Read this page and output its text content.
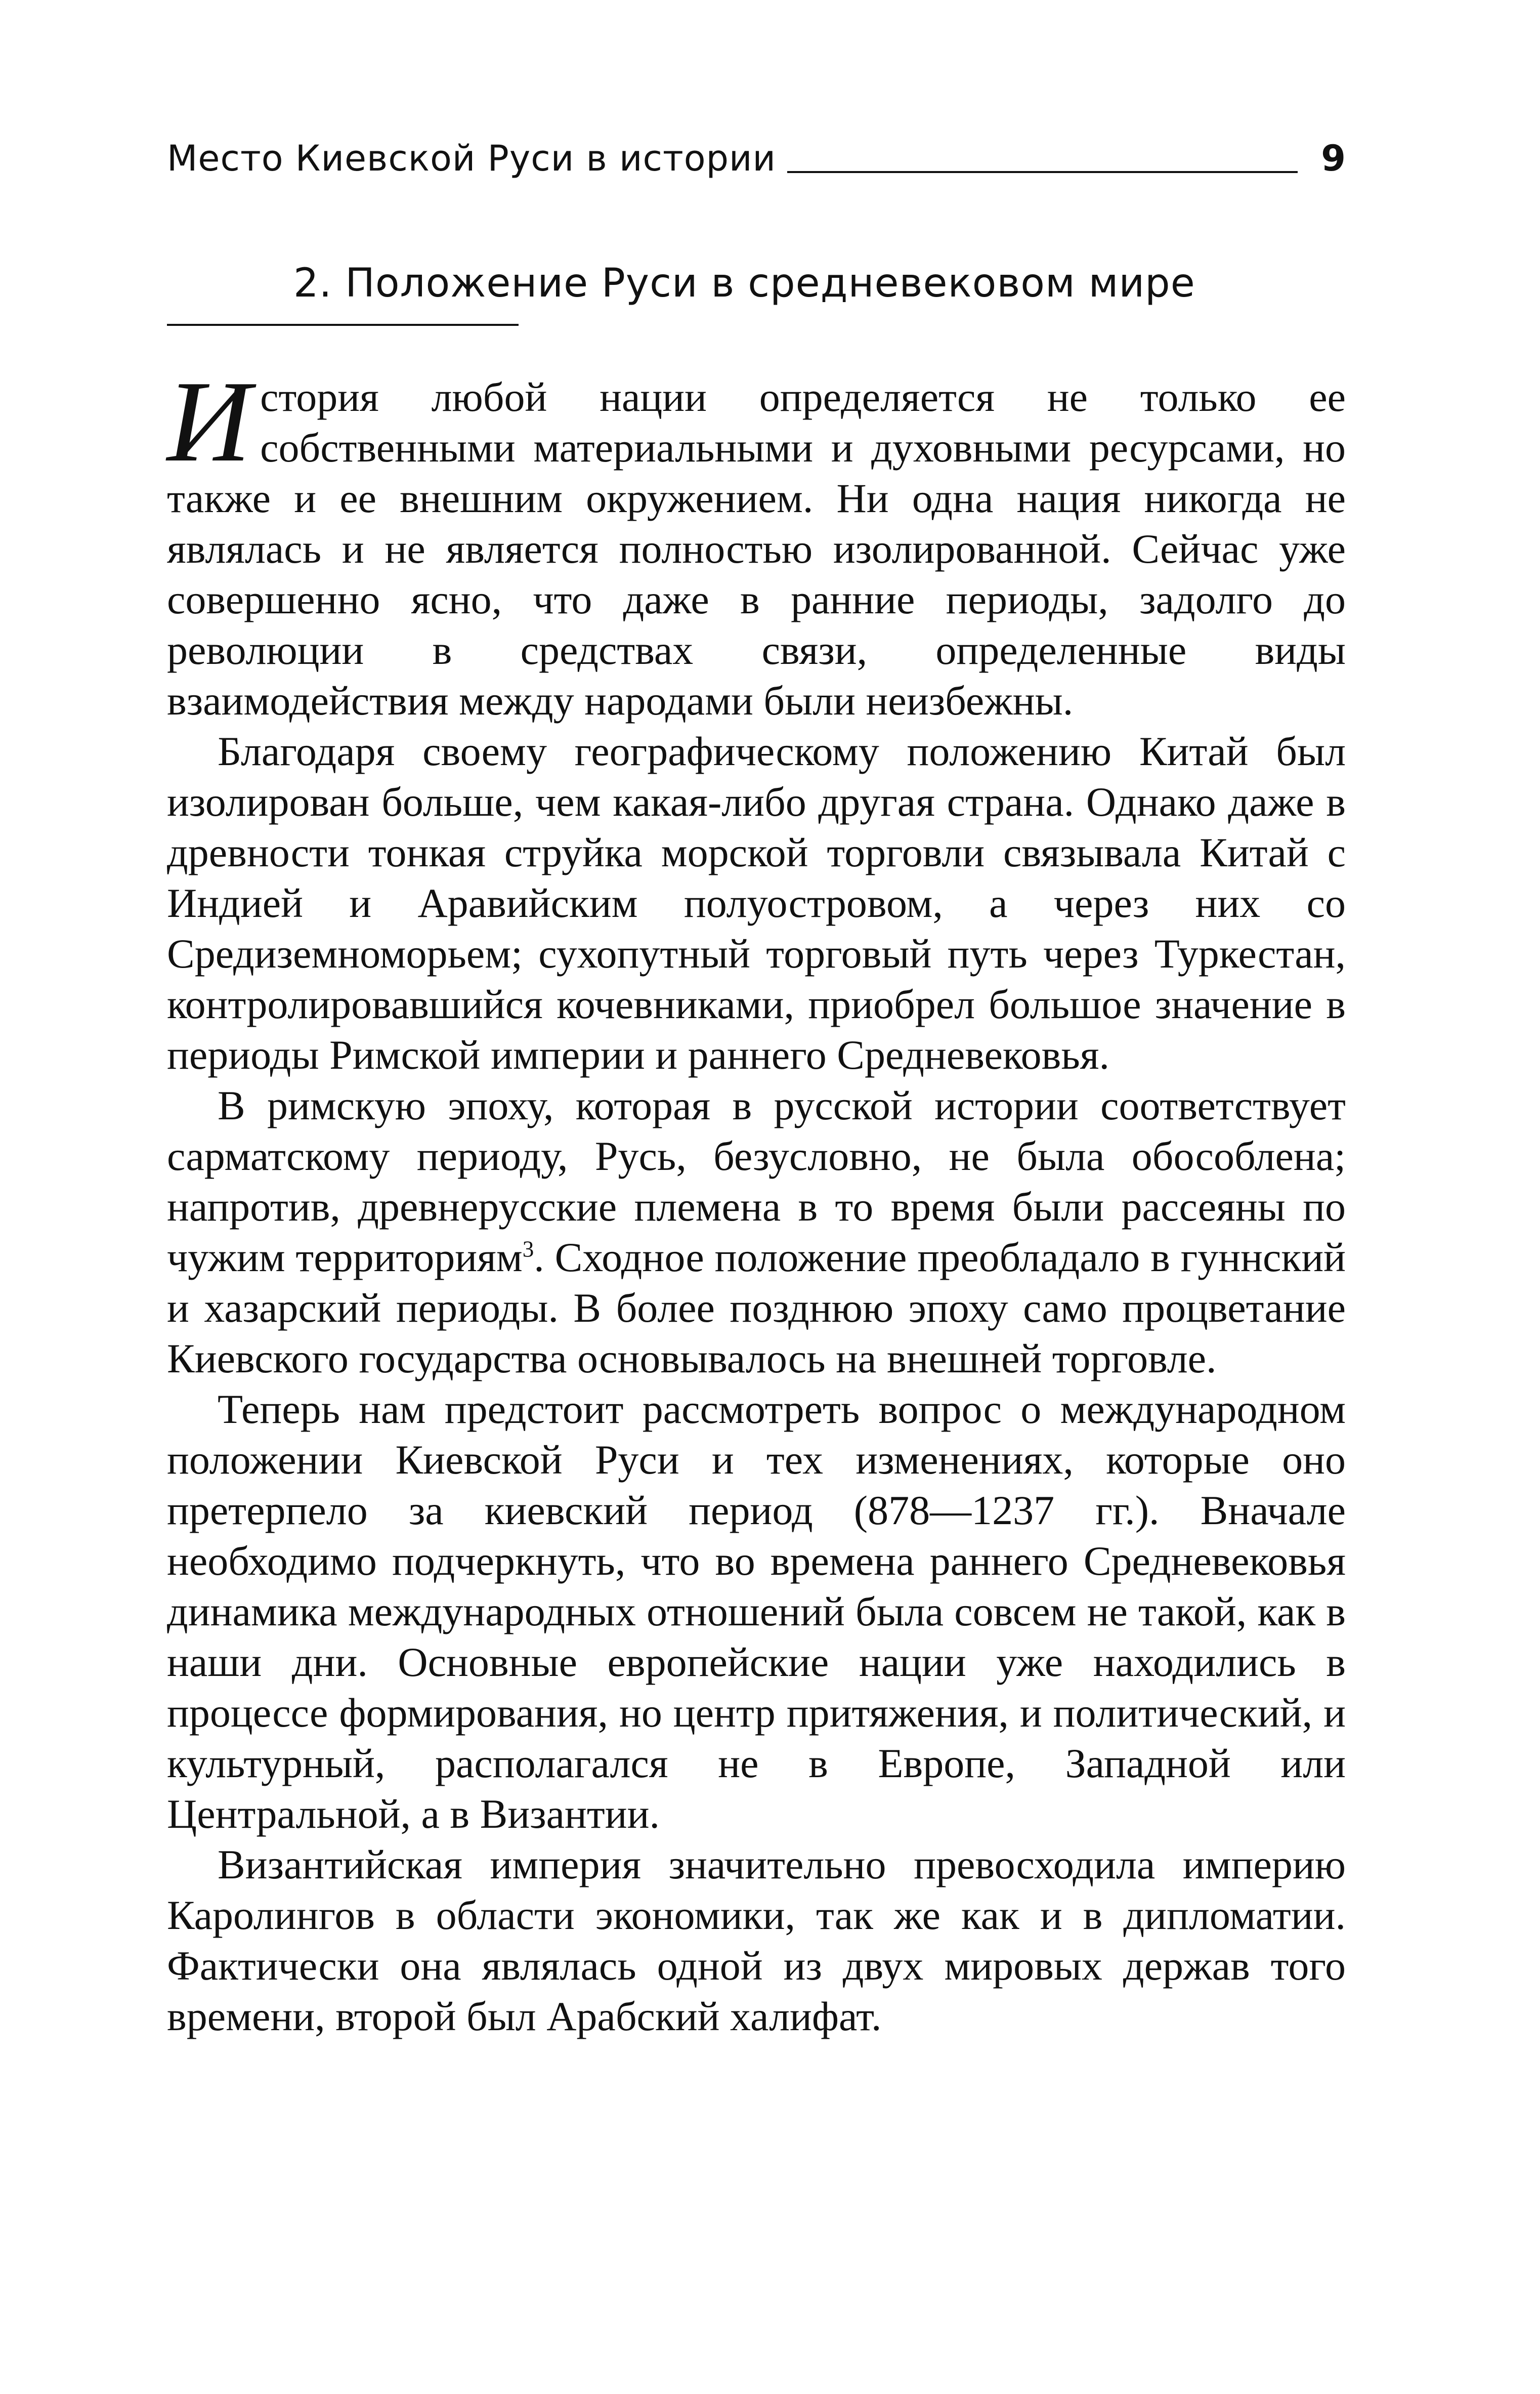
Место Киевской Руси в истории	9
2. Положение Руси в средневековом мире

История любой нации определяется не только ее собственными материальными и духовными ресурсами, но также и ее внешним окружением. Ни одна нация никогда не являлась и не является полностью изолированной. Сейчас уже совершенно ясно, что даже в ранние периоды, задолго до революции в средствах связи, определенные виды взаимодействия между народами были неизбежны.

Благодаря своему географическому положению Китай был изолирован больше, чем какая-либо другая страна. Однако даже в древности тонкая струйка морской торговли связывала Китай с Индией и Аравийским полуостровом, а через них со Средиземноморьем; сухопутный торговый путь через Туркестан, контролировавшийся кочевниками, приобрел большое значение в периоды Римской империи и раннего Средневековья.

В римскую эпоху, которая в русской истории соответствует сарматскому периоду, Русь, безусловно, не была обособлена; напротив, древнерусские племена в то время были рассеяны по чужим территориям$^3$. Сходное положение преобладало в гуннский и хазарский периоды. В более позднюю эпоху само процветание Киевского государства основывалось на внешней торговле.

Теперь нам предстоит рассмотреть вопрос о международном положении Киевской Руси и тех изменениях, которые оно претерпело за киевский период (878—1237 гг.). Вначале необходимо подчеркнуть, что во времена раннего Средневековья динамика международных отношений была совсем не такой, как в наши дни. Основные европейские нации уже находились в процессе формирования, но центр притяжения, и политический, и культурный, располагался не в Европе, Западной или Центральной, а в Византии.

Византийская империя значительно превосходила империю Каролингов в области экономики, так же как и в дипломатии. Фактически она являлась одной из двух мировых держав того времени, второй был Арабский халифат.
